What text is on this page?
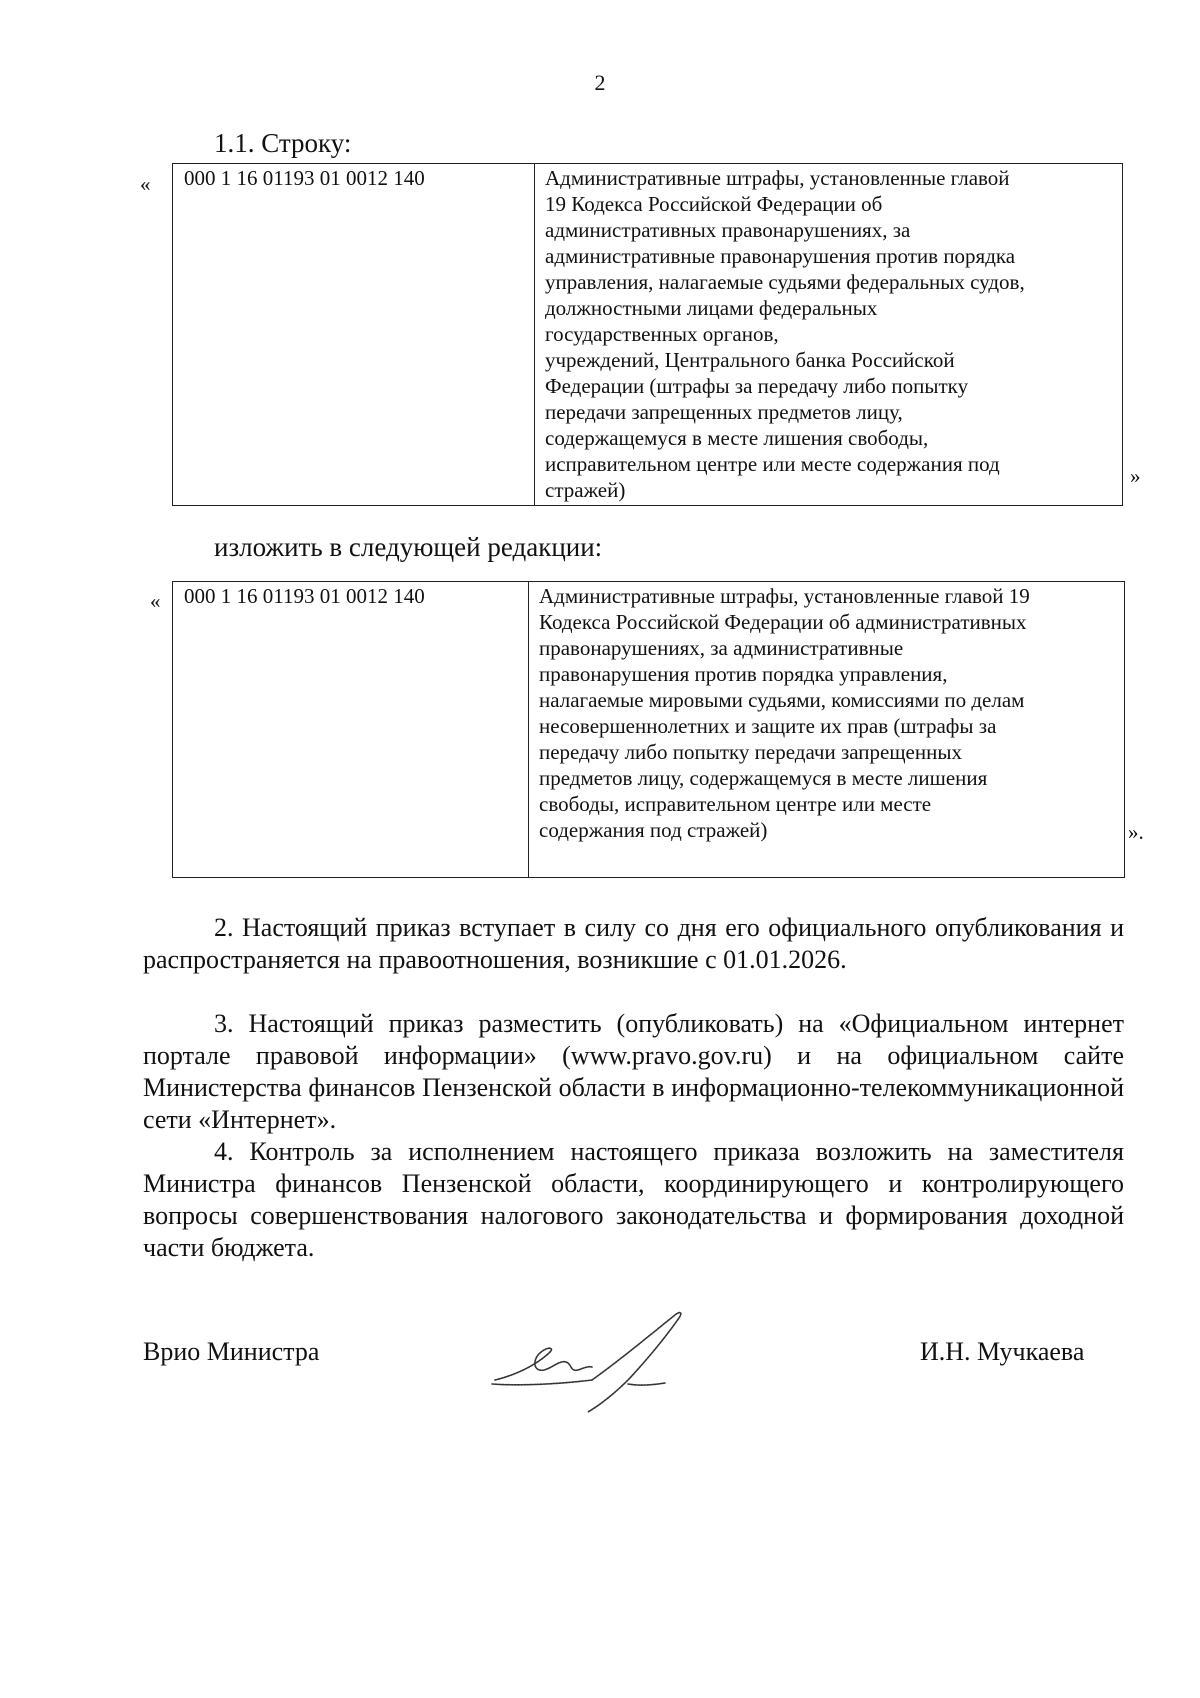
2
1.1. Строку:
« 000 1 16 01193 01 0012 140	Административные штрафы, установленные главой
19 Кодекса Российской Федерации об
административных правонарушениях, за
административные правонарушения против порядка
управления, налагаемые судьями федеральных судов,
должностными лицами федеральных
государственных органов,
учреждений, Центрального банка Российской
Федерации (штрафы за передачу либо попытку
передачи запрещенных предметов лицу,
содержащемуся в месте лишения свободы,
исправительном центре или месте содержания под
стражей)
»
изложить в следующей редакции:
« 000 1 16 01193 01 0012 140	Административные штрафы, установленные главой 19
Кодекса Российской Федерации об административных
правонарушениях, за административные
правонарушения против порядка управления,
налагаемые мировыми судьями, комиссиями по делам
несовершеннолетних и защите их прав (штрафы за
передачу либо попытку передачи запрещенных
предметов лицу, содержащемуся в месте лишения
свободы, исправительном центре или месте
содержания под стражей)	».
2. Настоящий приказ вступает в силу со дня его официального опубликования и распространяется на правоотношения, возникшие с 01.01.2026.
3. Настоящий приказ разместить (опубликовать) на «Официальном интернет портале правовой информации» (www.pravo.gov.ru) и на официальном сайте Министерства финансов Пензенской области в информационно-телекоммуникационной сети «Интернет».
4. Контроль за исполнением настоящего приказа возложить на заместителя Министра финансов Пензенской области, координирующего и контролирующего вопросы совершенствования налогового законодательства и формирования доходной части бюджета.
Врио Министра	И.Н. Мучкаева
